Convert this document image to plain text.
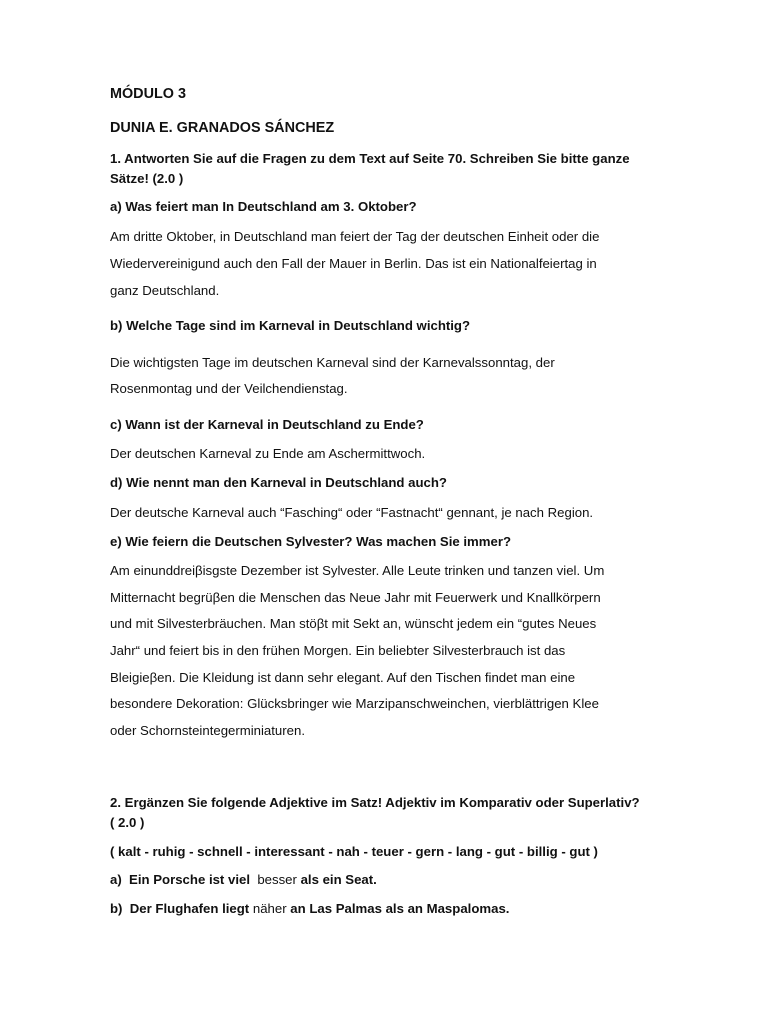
MÓDULO 3
DUNIA E. GRANADOS SÁNCHEZ
1. Antworten Sie auf die Fragen zu dem Text auf Seite 70. Schreiben Sie bitte ganze
Sätze! (2.0 )
a) Was feiert man In Deutschland am 3. Oktober?
Am dritte Oktober, in Deutschland man feiert der Tag der deutschen Einheit oder die
Wiedervereinigund auch den Fall der Mauer in Berlin. Das ist ein Nationalfeiertag in
ganz Deutschland.
b) Welche Tage sind im Karneval in Deutschland wichtig?
Die wichtigsten Tage im deutschen Karneval sind der Karnevalssonntag, der
Rosenmontag und der Veilchendienstag.
c) Wann ist der Karneval in Deutschland zu Ende?
Der deutschen Karneval zu Ende am Aschermittwoch.
d) Wie nennt man den Karneval in Deutschland auch?
Der deutsche Karneval auch “Fasching“ oder “Fastnacht“ gennant, je nach Region.
e) Wie feiern die Deutschen Sylvester? Was machen Sie immer?
Am einunddreiβisgste Dezember ist Sylvester. Alle Leute trinken und tanzen viel. Um
Mitternacht begrüβen die Menschen das Neue Jahr mit Feuerwerk und Knallkörpern
und mit Silvesterbräuchen. Man stöβt mit Sekt an, wünscht jedem ein “gutes Neues
Jahr“ und feiert bis in den frühen Morgen. Ein beliebter Silvesterbrauch ist das
Bleigieβen. Die Kleidung ist dann sehr elegant. Auf den Tischen findet man eine
besondere Dekoration: Glücksbringer wie Marzipanschweinchen, vierblättrigen Klee
oder Schornsteintegerminiaturen.
2. Ergänzen Sie folgende Adjektive im Satz! Adjektiv im Komparativ oder Superlativ?
( 2.0 )
( kalt - ruhig - schnell - interessant - nah - teuer - gern - lang - gut - billig - gut )
a)  Ein Porsche ist viel  besser als ein Seat.
b)  Der Flughafen liegt näher an Las Palmas als an Maspalomas.
